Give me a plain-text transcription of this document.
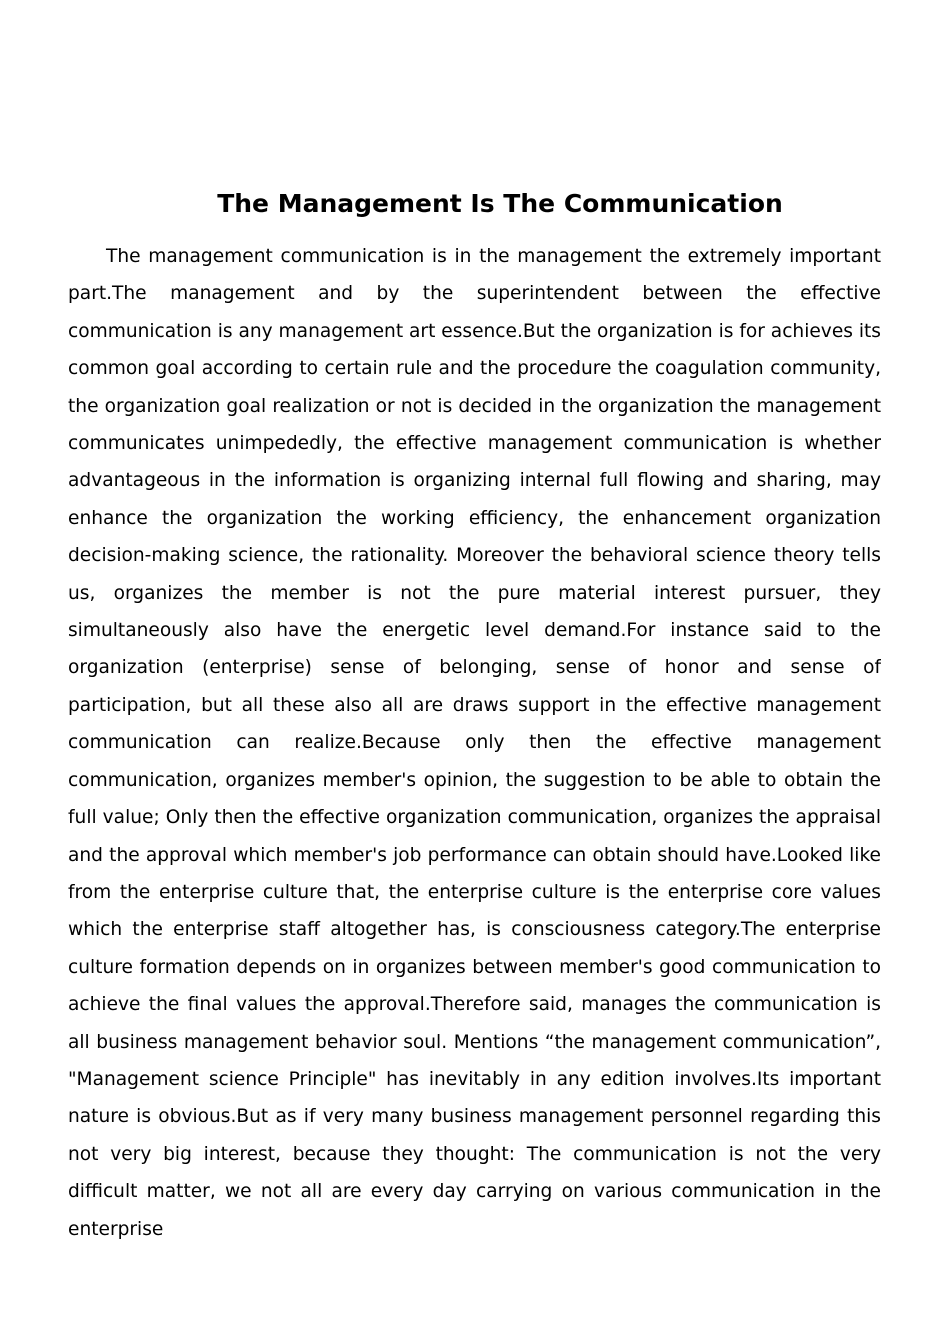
The Management Is The Communication

The management communication is in the management the extremely important part.The management and by the superintendent between the effective communication is any management art essence.But the organization is for achieves its common goal according to certain rule and the procedure the coagulation community, the organization goal realization or not is decided in the organization the management communicates unimpededly, the effective management communication is whether advantageous in the information is organizing internal full flowing and sharing, may enhance the organization the working efficiency, the enhancement organization decision-making science, the rationality. Moreover the behavioral science theory tells us, organizes the member is not the pure material interest pursuer, they simultaneously also have the energetic level demand.For instance said to the organization (enterprise) sense of belonging, sense of honor and sense of participation, but all these also all are draws support in the effective management communication can realize.Because only then the effective management communication, organizes member's opinion, the suggestion to be able to obtain the full value; Only then the effective organization communication, organizes the appraisal and the approval which member's job performance can obtain should have.Looked like from the enterprise culture that, the enterprise culture is the enterprise core values which the enterprise staff altogether has, is consciousness category.The enterprise culture formation depends on in organizes between member's good communication to achieve the final values the approval.Therefore said, manages the communication is all business management behavior soul. Mentions “the management communication”, "Management science Principle" has inevitably in any edition involves.Its important nature is obvious.But as if very many business management personnel regarding this not very big interest, because they thought: The communication is not the very difficult matter, we not all are every day carrying on various communication in the enterprise
